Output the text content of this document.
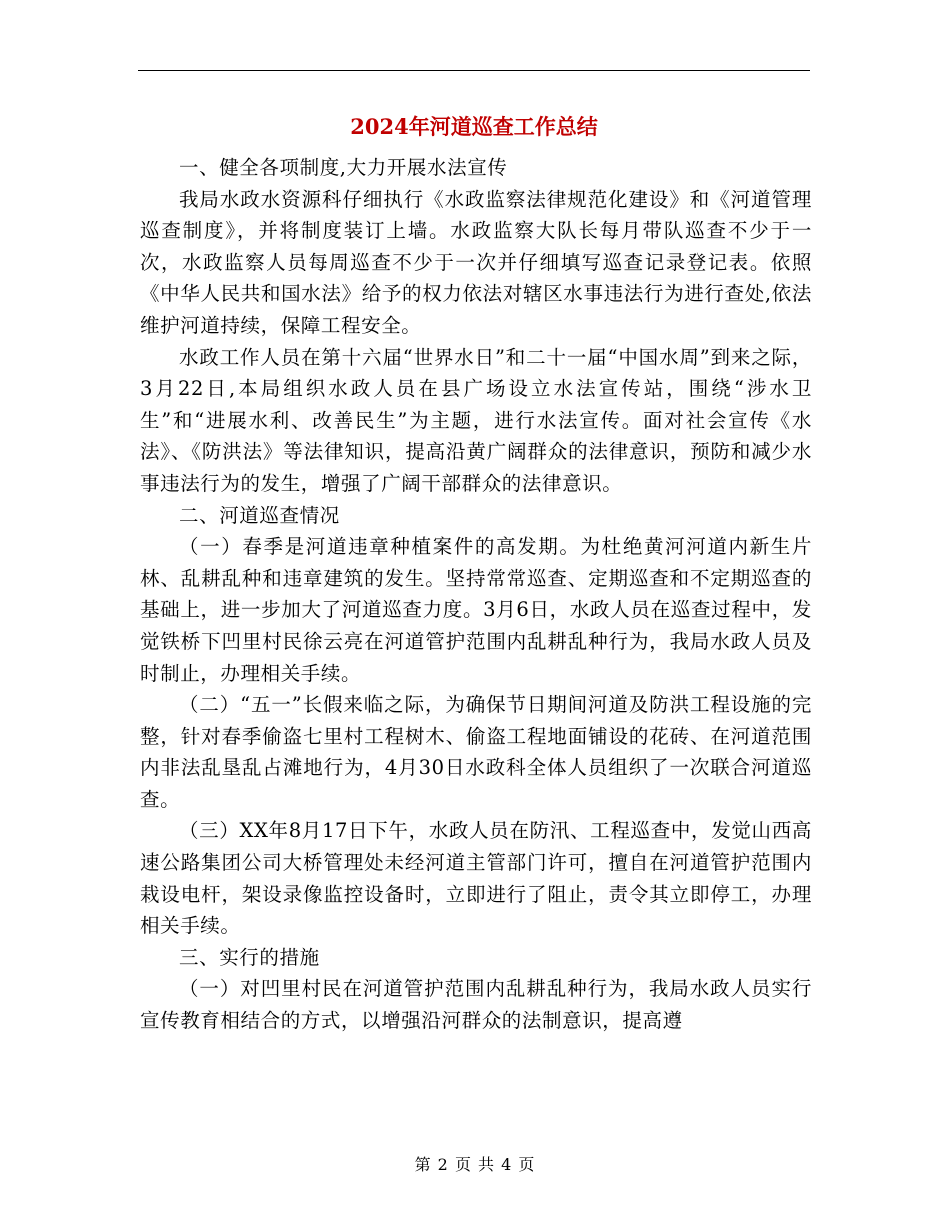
2024年河道巡查工作总结

一、健全各项制度,大力开展水法宣传

我局水政水资源科仔细执行《水政监察法律规范化建设》和《河道管理巡查制度》，并将制度装订上墙。水政监察大队长每月带队巡查不少于一次，水政监察人员每周巡查不少于一次并仔细填写巡查记录登记表。依照《中华人民共和国水法》给予的权力依法对辖区水事违法行为进行查处,依法维护河道持续，保障工程安全。

水政工作人员在第十六届“世界水日”和二十一届“中国水周”到来之际，3月22日,本局组织水政人员在县广场设立水法宣传站，围绕“涉水卫生”和“进展水利、改善民生”为主题，进行水法宣传。面对社会宣传《水法》、《防洪法》等法律知识，提高沿黄广阔群众的法律意识，预防和减少水事违法行为的发生，增强了广阔干部群众的法律意识。

二、河道巡查情况

（一）春季是河道违章种植案件的高发期。为杜绝黄河河道内新生片林、乱耕乱种和违章建筑的发生。坚持常常巡查、定期巡查和不定期巡查的基础上，进一步加大了河道巡查力度。3月6日，水政人员在巡查过程中，发觉铁桥下凹里村民徐云亮在河道管护范围内乱耕乱种行为，我局水政人员及时制止，办理相关手续。

（二）“五一”长假来临之际，为确保节日期间河道及防洪工程设施的完整，针对春季偷盗七里村工程树木、偷盗工程地面铺设的花砖、在河道范围内非法乱垦乱占滩地行为，4月30日水政科全体人员组织了一次联合河道巡查。

（三）XX年8月17日下午，水政人员在防汛、工程巡查中，发觉山西高速公路集团公司大桥管理处未经河道主管部门许可，擅自在河道管护范围内栽设电杆，架设录像监控设备时，立即进行了阻止，责令其立即停工，办理相关手续。

三、实行的措施

（一）对凹里村民在河道管护范围内乱耕乱种行为，我局水政人员实行宣传教育相结合的方式，以增强沿河群众的法制意识，提高遵

第 2 页 共 4 页
